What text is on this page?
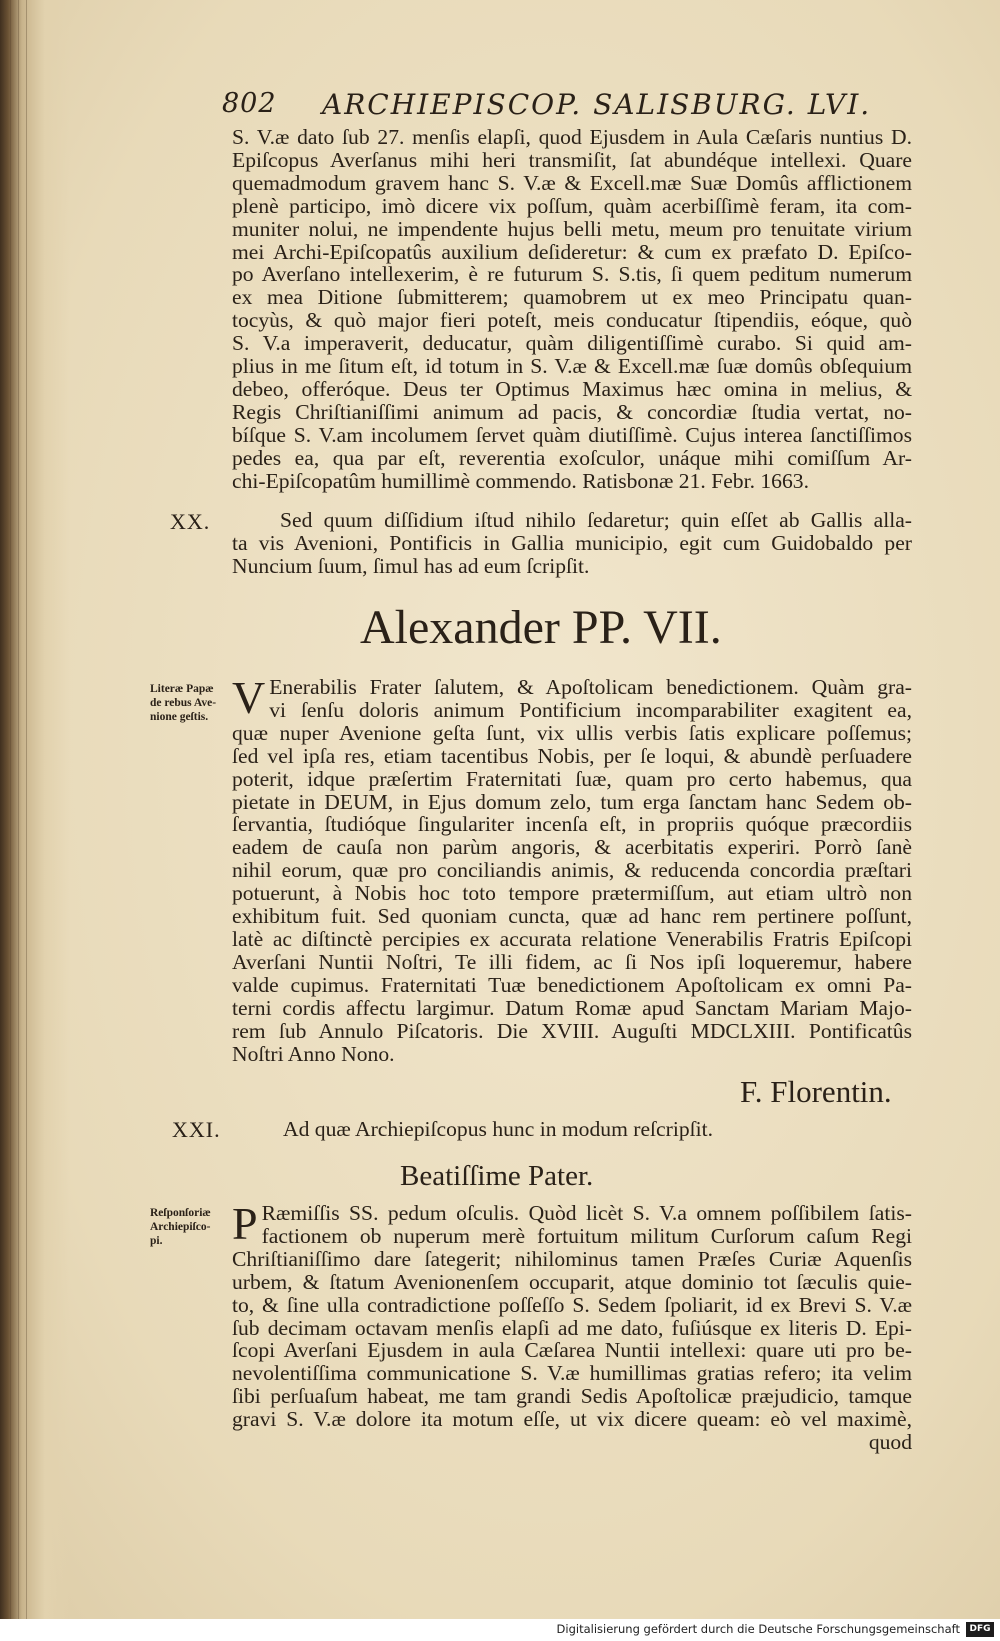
802 ARCHIEPISCOP. SALISBURG. LVI.
S. V.æ dato ſub 27. menſis elapſi, quod Ejusdem in Aula Cæſaris nuntius D.
Epiſcopus Averſanus mihi heri transmiſit, ſat abundéque intellexi. Quare
quemadmodum gravem hanc S. V.æ & Excell.mæ Suæ Domûs afflictionem
plenè participo, imò dicere vix poſſum, quàm acerbiſſimè feram, ita com-
muniter nolui, ne impendente hujus belli metu, meum pro tenuitate virium
mei Archi-Epiſcopatûs auxilium deſideretur: & cum ex præfato D. Epiſco-
po Averſano intellexerim, è re futurum S. S.tis, ſi quem peditum numerum
ex mea Ditione ſubmitterem; quamobrem ut ex meo Principatu quan-
tocyùs, & quò major fieri poteſt, meis conducatur ſtipendiis, eóque, quò
S. V.a imperaverit, deducatur, quàm diligentiſſimè curabo. Si quid am-
plius in me ſitum eſt, id totum in S. V.æ & Excell.mæ ſuæ domûs obſequium
debeo, offeróque. Deus ter Optimus Maximus hæc omina in melius, &
Regis Chriſtianiſſimi animum ad pacis, & concordiæ ſtudia vertat, no-
bíſque S. V.am incolumem ſervet quàm diutiſſimè. Cujus interea ſanctiſſimos
pedes ea, qua par eſt, reverentia exoſculor, unáque mihi comiſſum Ar-
chi-Epiſcopatûm humillimè commendo. Ratisbonæ 21. Febr. 1663.
XX.	Sed quum diſſidium iſtud nihilo ſedaretur; quin eſſet ab Gallis alla-
ta vis Avenioni, Pontificis in Gallia municipio, egit cum Guidobaldo per
Nuncium ſuum, ſimul has ad eum ſcripſit.
Alexander PP. VII.
Literæ Papæ
de rebus Ave-
nione geſtis. V Enerabilis Frater ſalutem, & Apoſtolicam benedictionem. Quàm gra-
vi ſenſu doloris animum Pontificium incomparabiliter exagitent ea,
quæ nuper Avenione geſta ſunt, vix ullis verbis ſatis explicare poſſemus;
ſed vel ipſa res, etiam tacentibus Nobis, per ſe loqui, & abundè perſuadere
poterit, idque præſertim Fraternitati ſuæ, quam pro certo habemus, qua
pietate in DEUM, in Ejus domum zelo, tum erga ſanctam hanc Sedem ob-
ſervantia, ſtudióque ſingulariter incenſa eſt, in propriis quóque præcordiis
eadem de cauſa non parùm angoris, & acerbitatis experiri. Porrò ſanè
nihil eorum, quæ pro conciliandis animis, & reducenda concordia præſtari
potuerunt, à Nobis hoc toto tempore prætermiſſum, aut etiam ultrò non
exhibitum fuit. Sed quoniam cuncta, quæ ad hanc rem pertinere poſſunt,
latè ac diſtinctè percipies ex accurata relatione Venerabilis Fratris Epiſcopi
Averſani Nuntii Noſtri, Te illi fidem, ac ſi Nos ipſi loqueremur, habere
valde cupimus. Fraternitati Tuæ benedictionem Apoſtolicam ex omni Pa-
terni cordis affectu largimur. Datum Romæ apud Sanctam Mariam Majo-
rem ſub Annulo Piſcatoris. Die XVIII. Auguſti MDCLXIII. Pontificatûs
Noſtri Anno Nono.
F. Florentin.
XXI.	Ad quæ Archiepiſcopus hunc in modum reſcripſit.
Beatiſſime Pater.
Reſponſoriæ
Archiepiſco-
pi.	P Ræmiſſis SS. pedum oſculis. Quòd licèt S. V.a omnem poſſibilem ſatis-
factionem ob nuperum merè fortuitum militum Curſorum caſum Regi
Chriſtianiſſimo dare ſategerit; nihilominus tamen Præſes Curiæ Aquenſis
urbem, & ſtatum Avenionenſem occuparit, atque dominio tot ſæculis quie-
to, & ſine ulla contradictione poſſeſſo S. Sedem ſpoliarit, id ex Brevi S. V.æ
ſub decimam octavam menſis elapſi ad me dato, fuſiúsque ex literis D. Epi-
ſcopi Averſani Ejusdem in aula Cæſarea Nuntii intellexi: quare uti pro be-
nevolentiſſima communicatione S. V.æ humillimas gratias refero; ita velim
ſibi perſuaſum habeat, me tam grandi Sedis Apoſtolicæ præjudicio, tamque
gravi S. V.æ dolore ita motum eſſe, ut vix dicere queam: eò vel maximè,
quod
Digitalisierung gefördert durch die Deutsche Forschungsgemeinschaft	DFG
